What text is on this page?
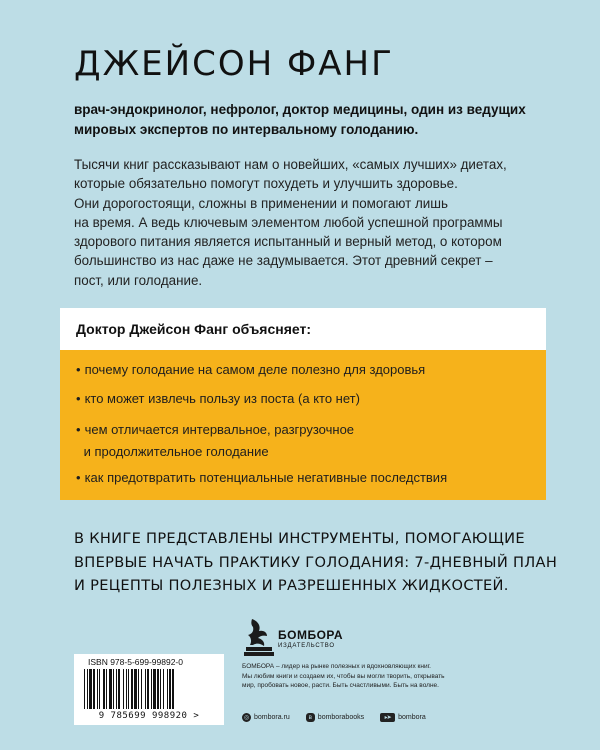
ДЖЕЙСОН ФАНГ

врач-эндокринолог, нефролог, доктор медицины, один из ведущих мировых экспертов по интервальному голоданию.

Тысячи книг рассказывают нам о новейших, «самых лучших» диетах,
которые обязательно помогут похудеть и улучшить здоровье.
Они дорогостоящи, сложны в применении и помогают лишь
на время. А ведь ключевым элементом любой успешной программы
здорового питания является испытанный и верный метод, о котором
большинство из нас даже не задумывается. Этот древний секрет –
пост, или голодание.

Доктор Джейсон Фанг объясняет:
• почему голодание на самом деле полезно для здоровья
• кто может извлечь пользу из поста (а кто нет)
• чем отличается интервальное, разгрузочное
и продолжительное голодание
• как предотвратить потенциальные негативные последствия

В КНИГЕ ПРЕДСТАВЛЕНЫ ИНСТРУМЕНТЫ, ПОМОГАЮЩИЕ
ВПЕРВЫЕ НАЧАТЬ ПРАКТИКУ ГОЛОДАНИЯ: 7-ДНЕВНЫЙ ПЛАН
И РЕЦЕПТЫ ПОЛЕЗНЫХ И РАЗРЕШЕННЫХ ЖИДКОСТЕЙ.

ISBN 978-5-699-99892-0
9 785699 998920 >
БОМБОРА
ИЗДАТЕЛЬСТВО

БОМБОРА – лидер на рынке полезных и вдохновляющих книг.
Мы любим книги и создаем их, чтобы вы могли творить, открывать
мир, пробовать новое, расти. Быть счастливыми. Быть на волне.

◎ bombora.ru	в bomborabooks	▸➤	bombora
